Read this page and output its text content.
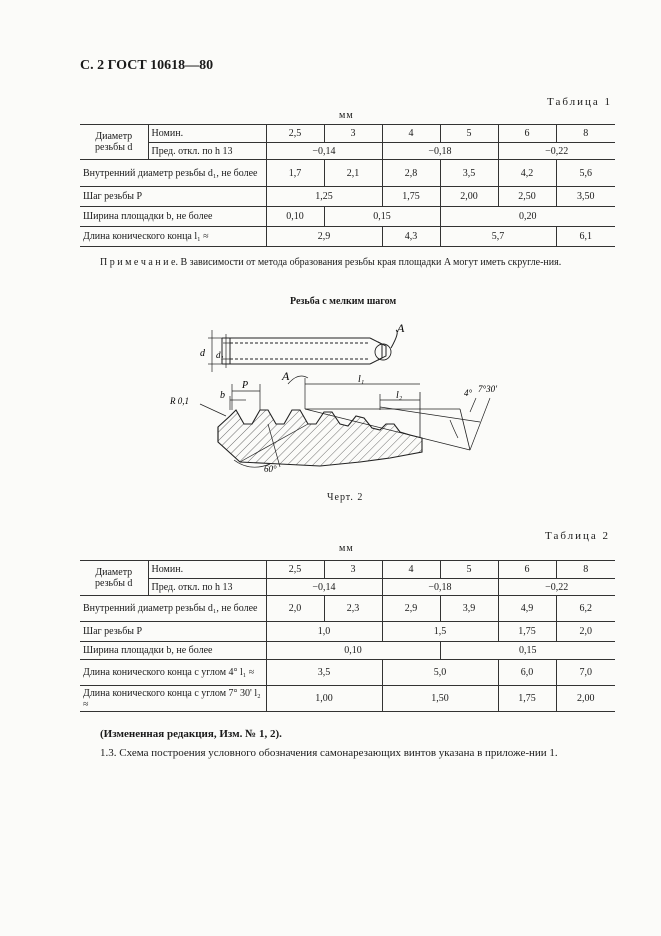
С. 2 ГОСТ 10618—80
Таблица 1
мм
Диаметр резьбы d	Номин.	2,5	3	4	5	6	8
	Пред. откл. по h 13	−0,14		−0,18		−0,22	
Внутренний диаметр резьбы d₁, не более		1,7	2,1	2,8	3,5	4,2	5,6
Шаг резьбы P		1,25		1,75	2,00	2,50	3,50
Ширина площадки b, не более		0,10	0,15		0,20		
Длина конического конца l₁ ≈		2,9		4,3	5,7		6,1
П р и м е ч а н и е. В зависимости от метода образования резьбы края площадки A могут иметь скругле-ния.
Резьба с мелким шагом
d d₁
A
R 0,1	b
P
A	l₁
l₂	4° 7°30'
60°
Черт. 2
Таблица 2
мм
Диаметр резьбы d	Номин.	2,5	3	4	5	6	8
	Пред. откл. по h 13	−0,14		−0,18		−0,22	
Внутренний диаметр резьбы d₁, не более		2,0	2,3	2,9	3,9	4,9	6,2
Шаг резьбы P		1,0		1,5		1,75	2,0
Ширина площадки b, не более		0,10			0,15		
Длина конического конца с углом 4° l₁ ≈		3,5		5,0		6,0	7,0
Длина конического конца с углом 7° 30' l₂ ≈		1,00		1,50		1,75	2,00
(Измененная редакция, Изм. № 1, 2).
1.3. Схема построения условного обозначения самонарезающих винтов указана в приложе-нии 1.
